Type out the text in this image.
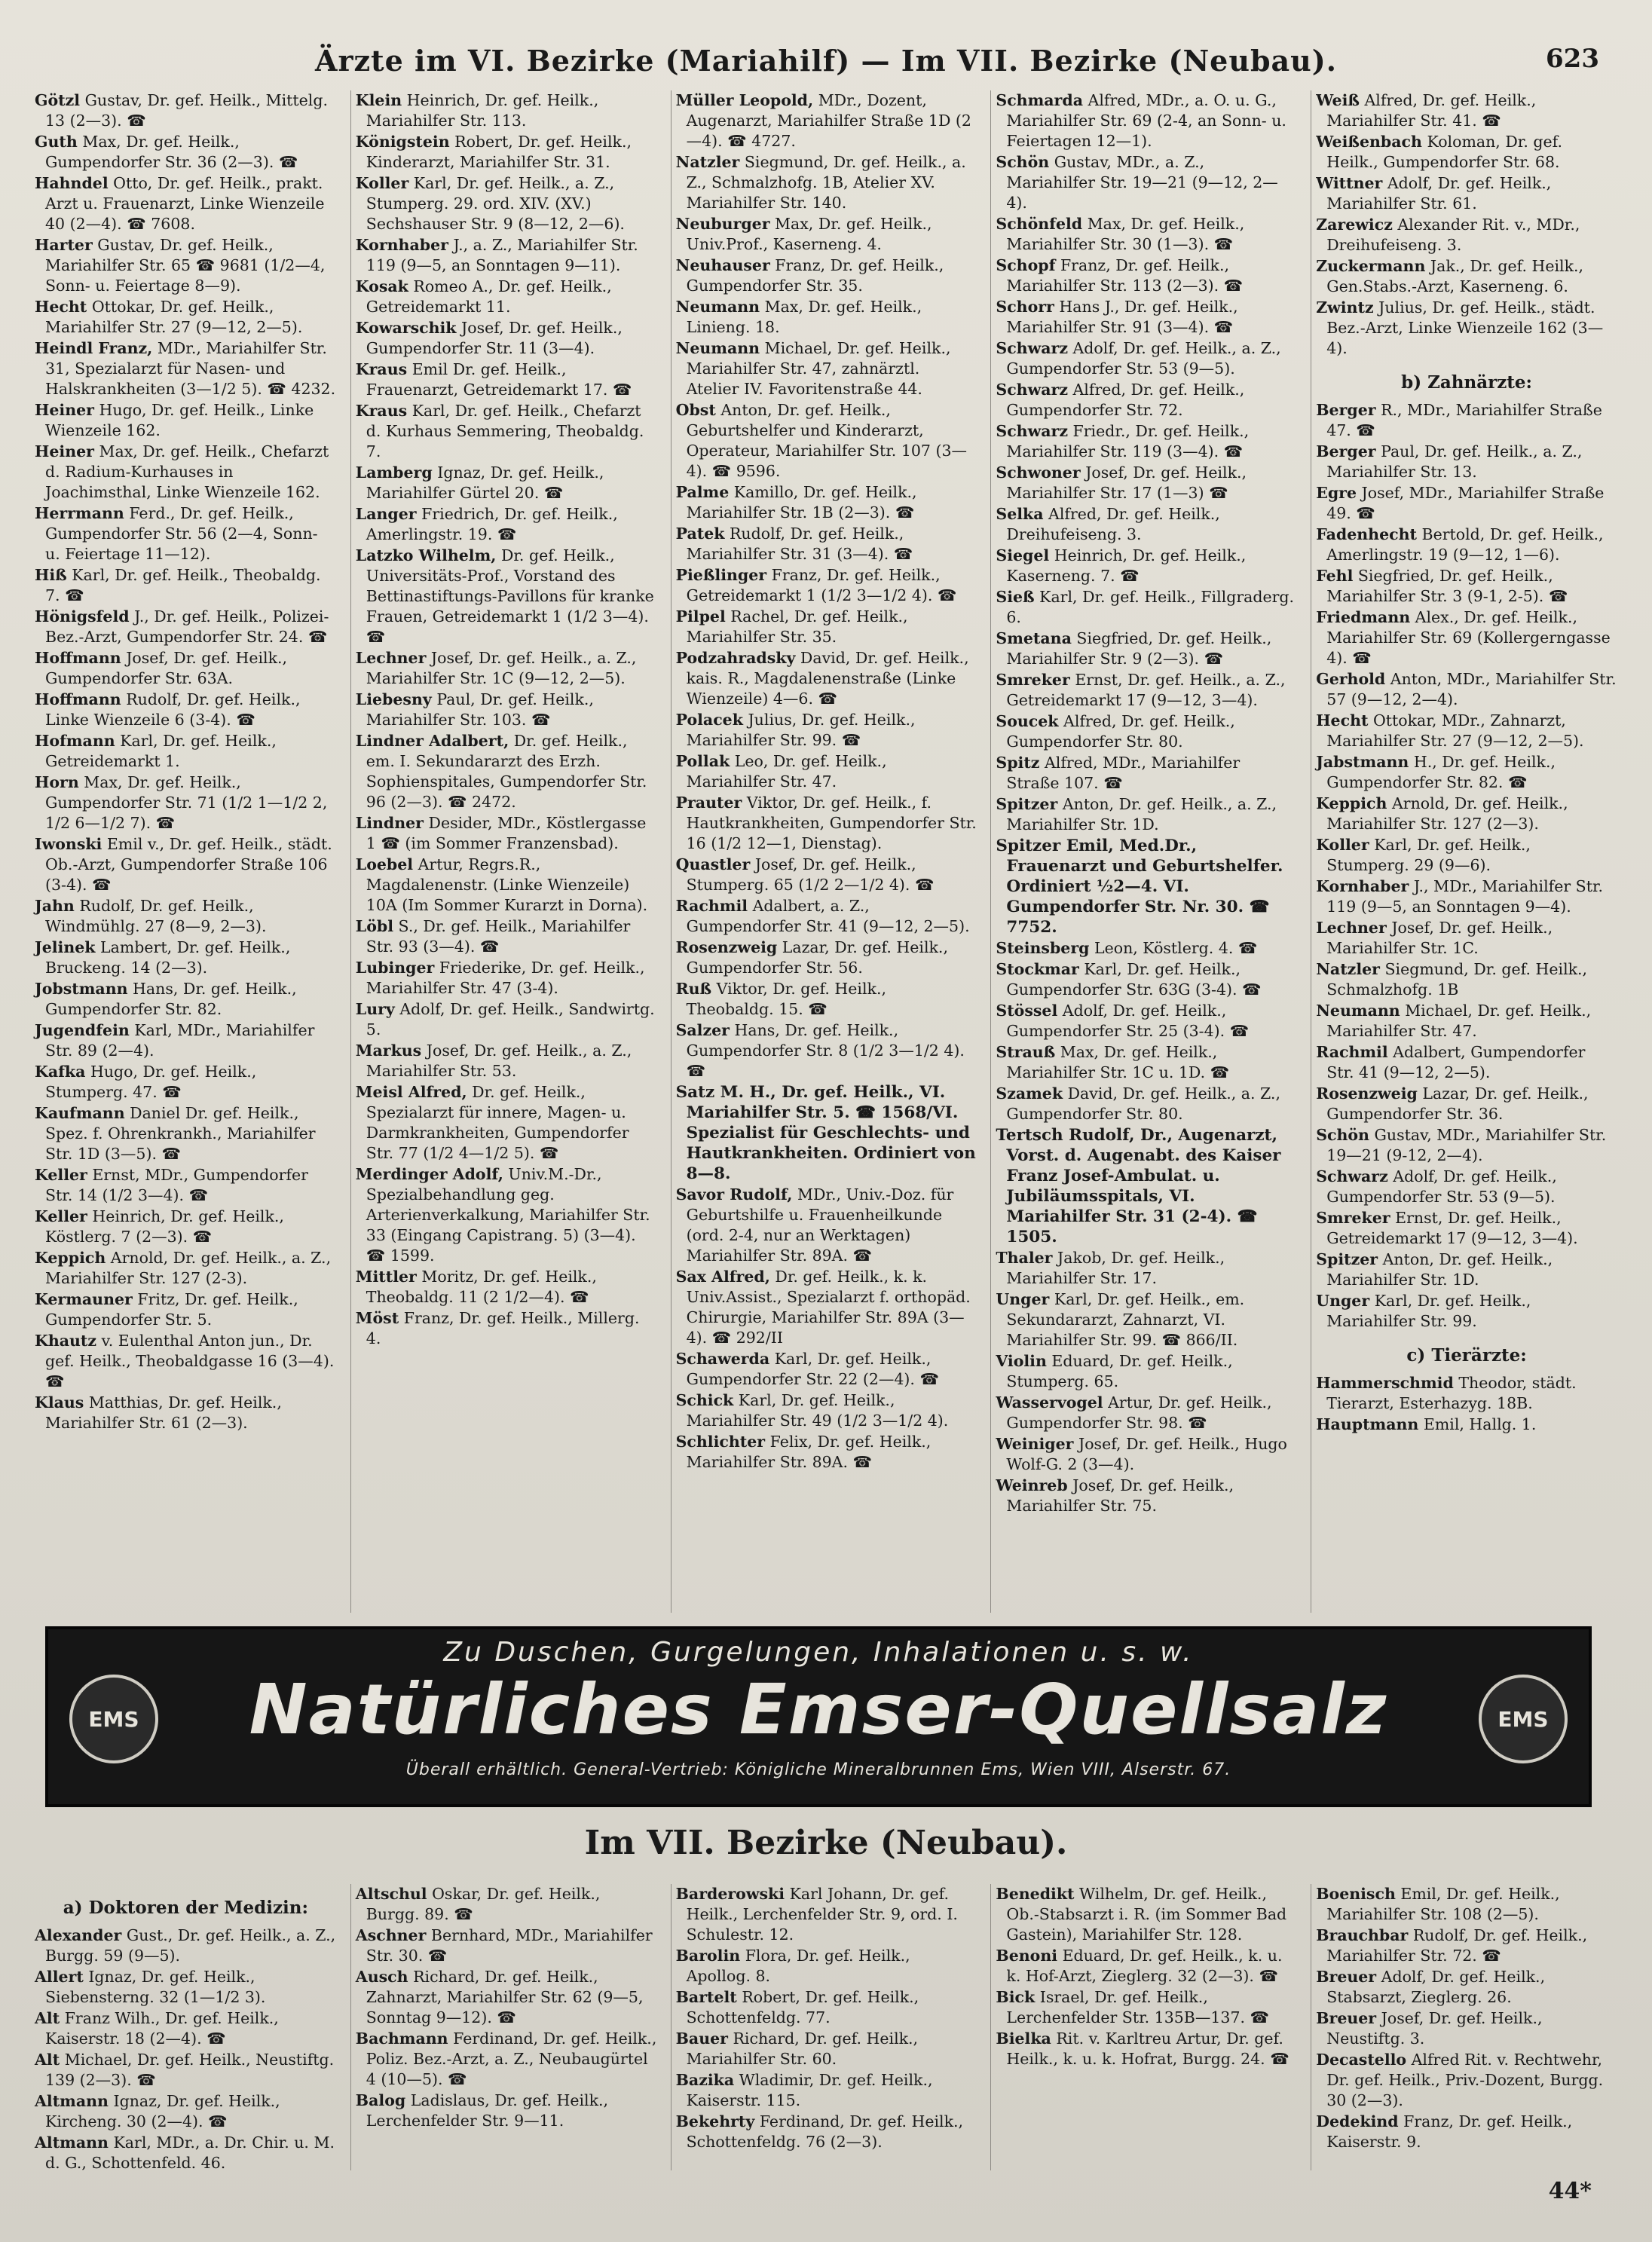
Ärzte im VI. Bezirke (Mariahilf) — Im VII. Bezirke (Neubau).	623
Götzl Gustav, Dr. gef. Heilk., Mittelg. 13 (2—3). ☎
Guth Max, Dr. gef. Heilk., Gumpendorfer Str. 36 (2—3). ☎
Hahndel Otto, Dr. gef. Heilk., prakt. Arzt u. Frauenarzt, Linke Wienzeile 40 (2—4). ☎ 7608.
Harter Gustav, Dr. gef. Heilk., Mariahilfer Str. 65 ☎ 9681 (1/2—4, Sonn- u. Feiertage 8—9).
Hecht Ottokar, Dr. gef. Heilk., Mariahilfer Str. 27 (9—12, 2—5).
Heindl Franz, MDr., Mariahilfer Str. 31, Spezialarzt für Nasen- und Halskrankheiten (3—1/2 5). ☎ 4232.
Heiner Hugo, Dr. gef. Heilk., Linke Wienzeile 162.
Heiner Max, Dr. gef. Heilk., Chefarzt d. Radium-Kurhauses in Joachimsthal, Linke Wienzeile 162.
Herrmann Ferd., Dr. gef. Heilk., Gumpendorfer Str. 56 (2—4, Sonn- u. Feiertage 11—12).
Hiß Karl, Dr. gef. Heilk., Theobaldg. 7. ☎
Hönigsfeld J., Dr. gef. Heilk., Polizei-Bez.-Arzt, Gumpendorfer Str. 24. ☎
Hoffmann Josef, Dr. gef. Heilk., Gumpendorfer Str. 63A.
Hoffmann Rudolf, Dr. gef. Heilk., Linke Wienzeile 6 (3-4). ☎
Hofmann Karl, Dr. gef. Heilk., Getreidemarkt 1.
Horn Max, Dr. gef. Heilk., Gumpendorfer Str. 71 (1/2 1—1/2 2, 1/2 6—1/2 7). ☎
Iwonski Emil v., Dr. gef. Heilk., städt. Ob.-Arzt, Gumpendorfer Straße 106 (3-4). ☎
Jahn Rudolf, Dr. gef. Heilk., Windmühlg. 27 (8—9, 2—3).
Jelinek Lambert, Dr. gef. Heilk., Bruckeng. 14 (2—3).
Jobstmann Hans, Dr. gef. Heilk., Gumpendorfer Str. 82.
Jugendfein Karl, MDr., Mariahilfer Str. 89 (2—4).
Kafka Hugo, Dr. gef. Heilk., Stumperg. 47. ☎
Kaufmann Daniel Dr. gef. Heilk., Spez. f. Ohrenkrankh., Mariahilfer Str. 1D (3—5). ☎
Keller Ernst, MDr., Gumpendorfer Str. 14 (1/2 3—4). ☎
Keller Heinrich, Dr. gef. Heilk., Köstlerg. 7 (2—3). ☎
Keppich Arnold, Dr. gef. Heilk., a. Z., Mariahilfer Str. 127 (2-3).
Kermauner Fritz, Dr. gef. Heilk., Gumpendorfer Str. 5.
Khautz v. Eulenthal Anton jun., Dr. gef. Heilk., Theobaldgasse 16 (3—4). ☎
Klaus Matthias, Dr. gef. Heilk., Mariahilfer Str. 61 (2—3).
Klein Heinrich, Dr. gef. Heilk., Mariahilfer Str. 113.
Königstein Robert, Dr. gef. Heilk., Kinderarzt, Mariahilfer Str. 31.
Koller Karl, Dr. gef. Heilk., a. Z., Stumperg. 29. ord. XIV. (XV.) Sechshauser Str. 9 (8—12, 2—6).
Kornhaber J., a. Z., Mariahilfer Str. 119 (9—5, an Sonntagen 9—11).
Kosak Romeo A., Dr. gef. Heilk., Getreidemarkt 11.
Kowarschik Josef, Dr. gef. Heilk., Gumpendorfer Str. 11 (3—4).
Kraus Emil Dr. gef. Heilk., Frauenarzt, Getreidemarkt 17. ☎
Kraus Karl, Dr. gef. Heilk., Chefarzt d. Kurhaus Semmering, Theobaldg. 7.
Lamberg Ignaz, Dr. gef. Heilk., Mariahilfer Gürtel 20. ☎
Langer Friedrich, Dr. gef. Heilk., Amerlingstr. 19. ☎
Latzko Wilhelm, Dr. gef. Heilk., Universitäts-Prof., Vorstand des Bettinastiftungs-Pavillons für kranke Frauen, Getreidemarkt 1 (1/2 3—4). ☎
Lechner Josef, Dr. gef. Heilk., a. Z., Mariahilfer Str. 1C (9—12, 2—5).
Liebesny Paul, Dr. gef. Heilk., Mariahilfer Str. 103. ☎
Lindner Adalbert, Dr. gef. Heilk., em. I. Sekundararzt des Erzh. Sophienspitales, Gumpendorfer Str. 96 (2—3). ☎ 2472.
Lindner Desider, MDr., Köstlergasse 1 ☎ (im Sommer Franzensbad).
Loebel Artur, Regrs.R., Magdalenenstr. (Linke Wienzeile) 10A (Im Sommer Kurarzt in Dorna).
Löbl S., Dr. gef. Heilk., Mariahilfer Str. 93 (3—4). ☎
Lubinger Friederike, Dr. gef. Heilk., Mariahilfer Str. 47 (3-4).
Lury Adolf, Dr. gef. Heilk., Sandwirtg. 5.
Markus Josef, Dr. gef. Heilk., a. Z., Mariahilfer Str. 53.
Meisl Alfred, Dr. gef. Heilk., Spezialarzt für innere, Magen- u. Darmkrankheiten, Gumpendorfer Str. 77 (1/2 4—1/2 5). ☎
Merdinger Adolf, Univ.M.-Dr., Spezialbehandlung geg. Arterienverkalkung, Mariahilfer Str. 33 (Eingang Capistrang. 5) (3—4). ☎ 1599.
Mittler Moritz, Dr. gef. Heilk., Theobaldg. 11 (2 1/2—4). ☎
Möst Franz, Dr. gef. Heilk., Millerg. 4.
Müller Leopold, MDr., Dozent, Augenarzt, Mariahilfer Straße 1D (2—4). ☎ 4727.
Natzler Siegmund, Dr. gef. Heilk., a. Z., Schmalzhofg. 1B, Atelier XV. Mariahilfer Str. 140.
Neuburger Max, Dr. gef. Heilk., Univ.Prof., Kaserneng. 4.
Neuhauser Franz, Dr. gef. Heilk., Gumpendorfer Str. 35.
Neumann Max, Dr. gef. Heilk., Linieng. 18.
Neumann Michael, Dr. gef. Heilk., Mariahilfer Str. 47, zahnärztl. Atelier IV. Favoritenstraße 44.
Obst Anton, Dr. gef. Heilk., Geburtshelfer und Kinderarzt, Operateur, Mariahilfer Str. 107 (3—4). ☎ 9596.
Palme Kamillo, Dr. gef. Heilk., Mariahilfer Str. 1B (2—3). ☎
Patek Rudolf, Dr. gef. Heilk., Mariahilfer Str. 31 (3—4). ☎
Pießlinger Franz, Dr. gef. Heilk., Getreidemarkt 1 (1/2 3—1/2 4). ☎
Pilpel Rachel, Dr. gef. Heilk., Mariahilfer Str. 35.
Podzahradsky David, Dr. gef. Heilk., kais. R., Magdalenenstraße (Linke Wienzeile) 4—6. ☎
Polacek Julius, Dr. gef. Heilk., Mariahilfer Str. 99. ☎
Pollak Leo, Dr. gef. Heilk., Mariahilfer Str. 47.
Prauter Viktor, Dr. gef. Heilk., f. Hautkrankheiten, Gumpendorfer Str. 16 (1/2 12—1, Dienstag).
Quastler Josef, Dr. gef. Heilk., Stumperg. 65 (1/2 2—1/2 4). ☎
Rachmil Adalbert, a. Z., Gumpendorfer Str. 41 (9—12, 2—5).
Rosenzweig Lazar, Dr. gef. Heilk., Gumpendorfer Str. 56.
Ruß Viktor, Dr. gef. Heilk., Theobaldg. 15. ☎
Salzer Hans, Dr. gef. Heilk., Gumpendorfer Str. 8 (1/2 3—1/2 4). ☎
Satz M. H., Dr. gef. Heilk., VI. Mariahilfer Str. 5. ☎ 1568/VI. Spezialist für Geschlechts- und Hautkrankheiten. Ordiniert von 8—8.
Savor Rudolf, MDr., Univ.-Doz. für Geburtshilfe u. Frauenheilkunde (ord. 2-4, nur an Werktagen) Mariahilfer Str. 89A. ☎
Sax Alfred, Dr. gef. Heilk., k. k. Univ.Assist., Spezialarzt f. orthopäd. Chirurgie, Mariahilfer Str. 89A (3—4). ☎ 292/II
Schawerda Karl, Dr. gef. Heilk., Gumpendorfer Str. 22 (2—4). ☎
Schick Karl, Dr. gef. Heilk., Mariahilfer Str. 49 (1/2 3—1/2 4).
Schlichter Felix, Dr. gef. Heilk., Mariahilfer Str. 89A. ☎
Schmarda Alfred, MDr., a. O. u. G., Mariahilfer Str. 69 (2-4, an Sonn- u. Feiertagen 12—1).
Schön Gustav, MDr., a. Z., Mariahilfer Str. 19—21 (9—12, 2—4).
Schönfeld Max, Dr. gef. Heilk., Mariahilfer Str. 30 (1—3). ☎
Schopf Franz, Dr. gef. Heilk., Mariahilfer Str. 113 (2—3). ☎
Schorr Hans J., Dr. gef. Heilk., Mariahilfer Str. 91 (3—4). ☎
Schwarz Adolf, Dr. gef. Heilk., a. Z., Gumpendorfer Str. 53 (9—5).
Schwarz Alfred, Dr. gef. Heilk., Gumpendorfer Str. 72.
Schwarz Friedr., Dr. gef. Heilk., Mariahilfer Str. 119 (3—4). ☎
Schwoner Josef, Dr. gef. Heilk., Mariahilfer Str. 17 (1—3) ☎
Selka Alfred, Dr. gef. Heilk., Dreihufeiseng. 3.
Siegel Heinrich, Dr. gef. Heilk., Kaserneng. 7. ☎
Sieß Karl, Dr. gef. Heilk., Fillgraderg. 6.
Smetana Siegfried, Dr. gef. Heilk., Mariahilfer Str. 9 (2—3). ☎
Smreker Ernst, Dr. gef. Heilk., a. Z., Getreidemarkt 17 (9—12, 3—4).
Soucek Alfred, Dr. gef. Heilk., Gumpendorfer Str. 80.
Spitz Alfred, MDr., Mariahilfer Straße 107. ☎
Spitzer Anton, Dr. gef. Heilk., a. Z., Mariahilfer Str. 1D.
Spitzer Emil, Med.Dr., Frauenarzt und Geburtshelfer. Ordiniert ½2—4. VI. Gumpendorfer Str. Nr. 30. ☎ 7752.
Steinsberg Leon, Köstlerg. 4. ☎
Stockmar Karl, Dr. gef. Heilk., Gumpendorfer Str. 63G (3-4). ☎
Stössel Adolf, Dr. gef. Heilk., Gumpendorfer Str. 25 (3-4). ☎
Strauß Max, Dr. gef. Heilk., Mariahilfer Str. 1C u. 1D. ☎
Szamek David, Dr. gef. Heilk., a. Z., Gumpendorfer Str. 80.
Tertsch Rudolf, Dr., Augenarzt, Vorst. d. Augenabt. des Kaiser Franz Josef-Ambulat. u. Jubiläumsspitals, VI. Mariahilfer Str. 31 (2-4). ☎ 1505.
Thaler Jakob, Dr. gef. Heilk., Mariahilfer Str. 17.
Unger Karl, Dr. gef. Heilk., em. Sekundararzt, Zahnarzt, VI. Mariahilfer Str. 99. ☎ 866/II.
Violin Eduard, Dr. gef. Heilk., Stumperg. 65.
Wasservogel Artur, Dr. gef. Heilk., Gumpendorfer Str. 98. ☎
Weiniger Josef, Dr. gef. Heilk., Hugo Wolf-G. 2 (3—4).
Weinreb Josef, Dr. gef. Heilk., Mariahilfer Str. 75.
Weiß Alfred, Dr. gef. Heilk., Mariahilfer Str. 41. ☎
Weißenbach Koloman, Dr. gef. Heilk., Gumpendorfer Str. 68.
Wittner Adolf, Dr. gef. Heilk., Mariahilfer Str. 61.
Zarewicz Alexander Rit. v., MDr., Dreihufeiseng. 3.
Zuckermann Jak., Dr. gef. Heilk., Gen.Stabs.-Arzt, Kaserneng. 6.
Zwintz Julius, Dr. gef. Heilk., städt. Bez.-Arzt, Linke Wienzeile 162 (3—4).
b) Zahnärzte:
Berger R., MDr., Mariahilfer Straße 47. ☎
Berger Paul, Dr. gef. Heilk., a. Z., Mariahilfer Str. 13.
Egre Josef, MDr., Mariahilfer Straße 49. ☎
Fadenhecht Bertold, Dr. gef. Heilk., Amerlingstr. 19 (9—12, 1—6).
Fehl Siegfried, Dr. gef. Heilk., Mariahilfer Str. 3 (9-1, 2-5). ☎
Friedmann Alex., Dr. gef. Heilk., Mariahilfer Str. 69 (Kollergerngasse 4). ☎
Gerhold Anton, MDr., Mariahilfer Str. 57 (9—12, 2—4).
Hecht Ottokar, MDr., Zahnarzt, Mariahilfer Str. 27 (9—12, 2—5).
Jabstmann H., Dr. gef. Heilk., Gumpendorfer Str. 82. ☎
Keppich Arnold, Dr. gef. Heilk., Mariahilfer Str. 127 (2—3).
Koller Karl, Dr. gef. Heilk., Stumperg. 29 (9—6).
Kornhaber J., MDr., Mariahilfer Str. 119 (9—5, an Sonntagen 9—4).
Lechner Josef, Dr. gef. Heilk., Mariahilfer Str. 1C.
Natzler Siegmund, Dr. gef. Heilk., Schmalzhofg. 1B
Neumann Michael, Dr. gef. Heilk., Mariahilfer Str. 47.
Rachmil Adalbert, Gumpendorfer Str. 41 (9—12, 2—5).
Rosenzweig Lazar, Dr. gef. Heilk., Gumpendorfer Str. 36.
Schön Gustav, MDr., Mariahilfer Str. 19—21 (9-12, 2—4).
Schwarz Adolf, Dr. gef. Heilk., Gumpendorfer Str. 53 (9—5).
Smreker Ernst, Dr. gef. Heilk., Getreidemarkt 17 (9—12, 3—4).
Spitzer Anton, Dr. gef. Heilk., Mariahilfer Str. 1D.
Unger Karl, Dr. gef. Heilk., Mariahilfer Str. 99.
c) Tierärzte:
Hammerschmid Theodor, städt. Tierarzt, Esterhazyg. 18B.
Hauptmann Emil, Hallg. 1.
EMS
Zu Duschen, Gurgelungen, Inhalationen u. s. w.
Natürliches Emser-Quellsalz
Überall erhältlich. General-Vertrieb: Königliche Mineralbrunnen Ems, Wien VIII, Alserstr. 67.
EMS
Im VII. Bezirke (Neubau).
a) Doktoren der Medizin:
Alexander Gust., Dr. gef. Heilk., a. Z., Burgg. 59 (9—5).
Allert Ignaz, Dr. gef. Heilk., Siebensterng. 32 (1—1/2 3).
Alt Franz Wilh., Dr. gef. Heilk., Kaiserstr. 18 (2—4). ☎
Alt Michael, Dr. gef. Heilk., Neustiftg. 139 (2—3). ☎
Altmann Ignaz, Dr. gef. Heilk., Kircheng. 30 (2—4). ☎
Altmann Karl, MDr., a. Dr. Chir. u. M. d. G., Schottenfeld. 46.
Altschul Oskar, Dr. gef. Heilk., Burgg. 89. ☎
Aschner Bernhard, MDr., Mariahilfer Str. 30. ☎
Ausch Richard, Dr. gef. Heilk., Zahnarzt, Mariahilfer Str. 62 (9—5, Sonntag 9—12). ☎
Bachmann Ferdinand, Dr. gef. Heilk., Poliz. Bez.-Arzt, a. Z., Neubaugürtel 4 (10—5). ☎
Balog Ladislaus, Dr. gef. Heilk., Lerchenfelder Str. 9—11.
Barderowski Karl Johann, Dr. gef. Heilk., Lerchenfelder Str. 9, ord. I. Schulestr. 12.
Barolin Flora, Dr. gef. Heilk., Apollog. 8.
Bartelt Robert, Dr. gef. Heilk., Schottenfeldg. 77.
Bauer Richard, Dr. gef. Heilk., Mariahilfer Str. 60.
Bazika Wladimir, Dr. gef. Heilk., Kaiserstr. 115.
Bekehrty Ferdinand, Dr. gef. Heilk., Schottenfeldg. 76 (2—3).
Benedikt Wilhelm, Dr. gef. Heilk., Ob.-Stabsarzt i. R. (im Sommer Bad Gastein), Mariahilfer Str. 128.
Benoni Eduard, Dr. gef. Heilk., k. u. k. Hof-Arzt, Zieglerg. 32 (2—3). ☎
Bick Israel, Dr. gef. Heilk., Lerchenfelder Str. 135B—137. ☎
Bielka Rit. v. Karltreu Artur, Dr. gef. Heilk., k. u. k. Hofrat, Burgg. 24. ☎
Boenisch Emil, Dr. gef. Heilk., Mariahilfer Str. 108 (2—5).
Brauchbar Rudolf, Dr. gef. Heilk., Mariahilfer Str. 72. ☎
Breuer Adolf, Dr. gef. Heilk., Stabsarzt, Zieglerg. 26.
Breuer Josef, Dr. gef. Heilk., Neustiftg. 3.
Decastello Alfred Rit. v. Rechtwehr, Dr. gef. Heilk., Priv.-Dozent, Burgg. 30 (2—3).
Dedekind Franz, Dr. gef. Heilk., Kaiserstr. 9.
44*
